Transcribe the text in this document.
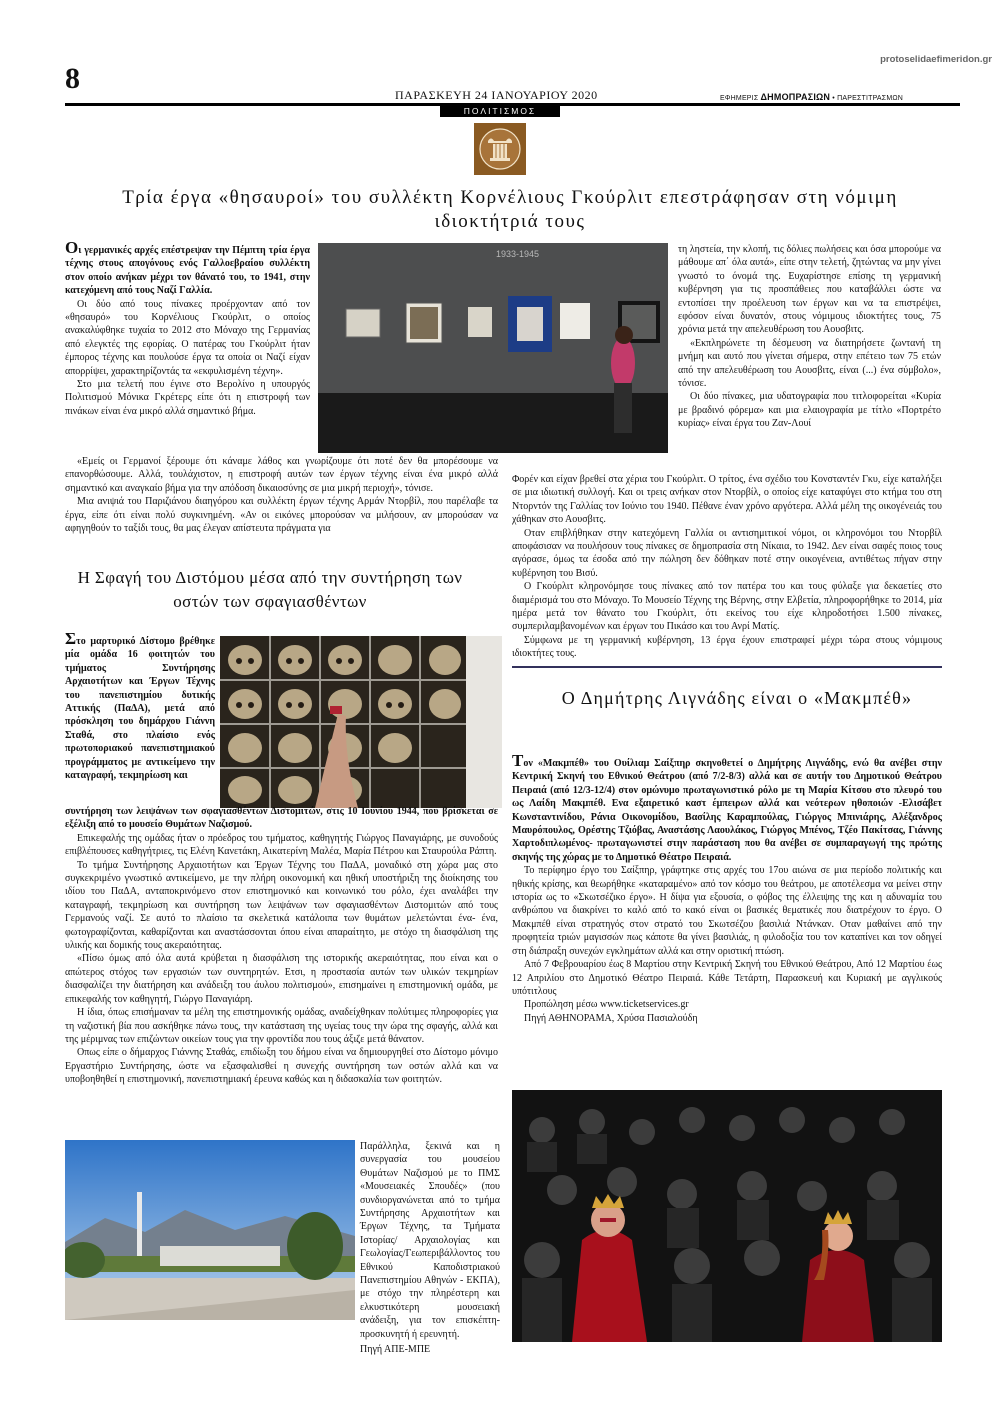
protoselidaefimeridon.gr
8	ΠΑΡΑΣΚΕΥΗ 24 ΙΑΝΟΥΑΡΙΟΥ 2020	ΕΦΗΜΕΡΙΣ ΔΗΜΟΠΡΑΣΙΩΝ • ΠΑΡΕΣΤΙΤΡΑΣΜΩΝ
ΠΟΛΙΤΙΣΜΟΣ
Τρία έργα «θησαυροί» του συλλέκτη Κορνέλιους Γκούρλιτ επεστράφησαν στη νόμιμη ιδιοκτήτριά τους

Οι γερμανικές αρχές επέστρεψαν την Πέμπτη τρία έργα τέχνης στους απογόνους ενός Γαλλοεβραίου συλλέκτη στον οποίο ανήκαν μέχρι τον θάνατό του, το 1941, στην κατεχόμενη από τους Ναζί Γαλλία.

Οι δύο από τους πίνακες προέρχονταν από τον «θησαυρό» του Κορνέλιους Γκούρλιτ, ο οποίος ανακαλύφθηκε τυχαία το 2012 στο Μόναχο της Γερμανίας από ελεγκτές της εφορίας. Ο πατέρας του Γκούρλιτ ήταν έμπορος τέχνης και πουλούσε έργα τα οποία οι Ναζί είχαν απορρίψει, χαρακτηρίζοντάς τα «εκφυλισμένη τέχνη».

Στο μια τελετή που έγινε στο Βερολίνο η υπουργός Πολιτισμού Μόνικα Γκρέτερς είπε ότι η επιστροφή των πινάκων είναι ένα μικρό αλλά σημαντικό βήμα.

1933-1945

«Εμείς οι Γερμανοί ξέρουμε ότι κάναμε λάθος και γνωρίζουμε ότι ποτέ δεν θα μπορέσουμε να επανορθώσουμε. Αλλά, τουλάχιστον, η επιστροφή αυτών των έργων τέχνης είναι ένα μικρό αλλά σημαντικό και αναγκαίο βήμα για την απόδοση δικαιοσύνης σε μια μικρή περιοχή», τόνισε.

Μια ανιψιά του Παριζιάνου διαηγόρου και συλλέκτη έργων τέχνης Αρμάν Ντορβίλ, που παρέλαβε τα έργα, είπε ότι είναι πολύ συγκινημένη. «Αν οι εικόνες μπορούσαν να μιλήσουν, αν μπορούσαν να αφηγηθούν το ταξίδι τους, θα μας έλεγαν απίστευτα πράγματα για

τη ληστεία, την κλοπή, τις δόλιες πωλήσεις και όσα μπορούμε να μάθουμε απ΄ όλα αυτά», είπε στην τελετή, ζητώντας να μην γίνει γνωστό το όνομά της. Ευχαρίστησε επίσης τη γερμανική κυβέρνηση για τις προσπάθειες που καταβάλλει ώστε να εντοπίσει την προέλευση των έργων και να τα επιστρέψει, εφόσον είναι δυνατόν, στους νόμιμους ιδιοκτήτες τους, 75 χρόνια μετά την απελευθέρωση του Αουσβιτς.

«Εκπληρώνετε τη δέσμευση να διατηρήσετε ζωντανή τη μνήμη και αυτό που γίνεται σήμερα, στην επέτειο των 75 ετών από την απελευθέρωση του Αουσβιτς, είναι (...) ένα σύμβολο», τόνισε.

Οι δύο πίνακες, μια υδατογραφία που τιτλοφορείται «Κυρία με βραδινό φόρεμα» και μια ελαιογραφία με τίτλο «Πορτρέτο κυρίας» είναι έργα του Ζαν-Λουί

Φορέν και είχαν βρεθεί στα χέρια του Γκούρλιτ. Ο τρίτος, ένα σχέδιο του Κονσταντέν Γκυ, είχε καταλήξει σε μια ιδιωτική συλλογή. Και οι τρεις ανήκαν στον Ντορβίλ, ο οποίος είχε καταφύγει στο κτήμα του στη Ντορντόν της Γαλλίας τον Ιούνιο του 1940. Πέθανε έναν χρόνο αργότερα. Αλλά μέλη της οικογένειάς του χάθηκαν στο Αουσβιτς.

Οταν επιβλήθηκαν στην κατεχόμενη Γαλλία οι αντισημιτικοί νόμοι, οι κληρονόμοι του Ντορβίλ αποφάσισαν να πουλήσουν τους πίνακες σε δημοπρασία στη Νίκαια, το 1942. Δεν είναι σαφές ποιος τους αγόρασε, όμως τα έσοδα από την πώληση δεν δόθηκαν ποτέ στην οικογένεια, αντιθέτως πήγαν στην κυβέρνηση του Βισύ.

Ο Γκούρλιτ κληρονόμησε τους πίνακες από τον πατέρα του και τους φύλαξε για δεκαετίες στο διαμέρισμά του στο Μόναχο. Το Μουσείο Τέχνης της Βέρνης, στην Ελβετία, πληροφορήθηκε το 2014, μία ημέρα μετά τον θάνατο του Γκούρλιτ, ότι εκείνος του είχε κληροδοτήσει 1.500 πίνακες, συμπεριλαμβανομένων και έργων του Πικάσο και του Ανρί Ματίς.

Σύμφωνα με τη γερμανική κυβέρνηση, 13 έργα έχουν επιστραφεί μέχρι τώρα στους νόμιμους ιδιοκτήτες τους.

Η Σφαγή του Διστόμου μέσα από την συντήρηση των οστών των σφαγιασθέντων

Στο μαρτυρικό Δίστομο βρέθηκε μία ομάδα 16 φοιτητών του τμήματος Συντήρησης Αρχαιοτήτων και Έργων Τέχνης του πανεπιστημίου δυτικής Αττικής (ΠαΔΑ), μετά από πρόσκληση του δημάρχου Γιάννη Σταθά, στο πλαίσιο ενός πρωτοποριακού πανεπιστημιακού προγράμματος με αντικείμενο την καταγραφή, τεκμηρίωση και

συντήρηση των λειψάνων των σφαγιασθέντων Διστομιτών, στις 10 Ιουνίου 1944, που βρίσκεται σε εξέλιξη από το μουσείο Θυμάτων Ναζισμού.

Επικεφαλής της ομάδας ήταν ο πρόεδρος του τμήματος, καθηγητής Γιώργος Παναγιάρης, με συνοδούς επιβλέπουσες καθηγήτριες, τις Ελένη Κανετάκη, Αικατερίνη Μαλέα, Μαρία Πέτρου και Σταυρούλα Ράπτη.

Το τμήμα Συντήρησης Αρχαιοτήτων και Έργων Τέχνης του ΠαΔΑ, μοναδικό στη χώρα μας στο συγκεκριμένο γνωστικό αντικείμενο, με την πλήρη οικονομική και ηθική υποστήριξη της διοίκησης του ιδίου του ΠαΔΑ, ανταποκρινόμενο στον επιστημονικό και κοινωνικό του ρόλο, έχει αναλάβει την καταγραφή, τεκμηρίωση και συντήρηση των λειψάνων των σφαγιασθέντων Διστομιτών από τους Γερμανούς ναζί. Σε αυτό το πλαίσιο τα σκελετικά κατάλοιπα των θυμάτων μελετώνται ένα- ένα, φωτογραφίζονται, καθαρίζονται και αναστάσσονται όπου είναι απαραίτητο, με στόχο τη διασφάλιση της υλικής και δομικής τους ακεραιότητας.

«Πίσω όμως από όλα αυτά κρύβεται η διασφάλιση της ιστορικής ακεραιότητας, που είναι και ο απώτερος στόχος των εργασιών των συντηρητών. Ετσι, η προστασία αυτών των υλικών τεκμηρίων διασφαλίζει την διατήρηση και ανάδειξη του άυλου πολιτισμού», επισημαίνει η επιστημονική ομάδα, με επικεφαλής τον καθηγητή, Γιώργο Παναγιάρη.

Η ίδια, όπως επισήμαναν τα μέλη της επιστημονικής ομάδας, αναδείχθηκαν πολύτιμες πληροφορίες για τη ναζιστική βία που ασκήθηκε πάνω τους, την κατάσταση της υγείας τους την ώρα της σφαγής, αλλά και της μέριμνας των επιζώντων οικείων τους για την φροντίδα που τους άξιζε μετά θάνατον.

Οπως είπε ο δήμαρχος Γιάννης Σταθάς, επιδίωξη του δήμου είναι να δημιουργηθεί στο Δίστομο μόνιμο Εργαστήριο Συντήρησης, ώστε να εξασφαλισθεί η συνεχής συντήρηση των οστών αλλά και να υποβοηθηθεί η επιστημονική, πανεπιστημιακή έρευνα καθώς και η διδασκαλία των φοιτητών.

Παράλληλα, ξεκινά και η συνεργασία του μουσείου Θυμάτων Ναζισμού με το ΠΜΣ «Μουσειακές Σπουδές» (που συνδιοργανώνεται από το τμήμα Συντήρησης Αρχαιοτήτων και Έργων Τέχνης, τα Τμήματα Ιστορίας/ Αρχαιολογίας και Γεωλογίας/Γεωπεριβάλλοντος του Εθνικού Καποδιστριακού Πανεπιστημίου Αθηνών - ΕΚΠΑ), με στόχο την πληρέστερη και ελκυστικότερη μουσειακή ανάδειξη, για τον επισκέπτη-προσκυνητή ή ερευνητή.

Πηγή ΑΠΕ-ΜΠΕ

Ο Δημήτρης Λιγνάδης είναι ο «Μακμπέθ»

Τον «Μακμπέθ» του Ουίλιαμ Σαίξπηρ σκηνοθετεί ο Δημήτρης Λιγνάδης, ενώ θα ανέβει στην Κεντρική Σκηνή του Εθνικού Θεάτρου (από 7/2-8/3) αλλά και σε αυτήν του Δημοτικού Θεάτρου Πειραιά (από 12/3-12/4) στον ομώνυμο πρωταγωνιστικό ρόλο με τη Μαρία Κίτσου στο πλευρό του ως Λαίδη Μακμπέθ. Ενα εξαιρετικό καστ έμπειρων αλλά και νεότερων ηθοποιών -Ελισάβετ Κωνσταντινίδου, Ράνια Οικονομίδου, Βασίλης Καραμπούλας, Γιώργος Μπινιάρης, Αλέξανδρος Μαυρόπουλος, Ορέστης Τζιόβας, Αναστάσης Λαουλάκος, Γιώργος Μπένος, Τζέο Πακίτσας, Γιάννης Χαρτοδιπλωμένος- πρωταγωνιστεί στην παράσταση που θα ανέβει σε συμπαραγωγή της πρώτης σκηνής της χώρας με το Δημοτικό Θέατρο Πειραιά.

Το περίφημο έργο του Σαίξπηρ, γράφτηκε στις αρχές του 17ου αιώνα σε μια περίοδο πολιτικής και ηθικής κρίσης, και θεωρήθηκε «καταραμένο» από τον κόσμο του θεάτρου, με αποτέλεσμα να μείνει στην ιστορία ως το «Σκωτσέζικο έργο». Η δίψα για εξουσία, ο φόβος της έλλειψης της και η αδυναμία του ανθρώπου να διακρίνει το καλό από το κακό είναι οι βασικές θεματικές που διατρέχουν το έργο. Ο Μακμπέθ είναι στρατηγός στον στρατό του Σκωτσέζου βασιλιά Ντάνκαν. Οταν μαθαίνει από την προφητεία τριών μαγισσών πως κάποτε θα γίνει βασιλιάς, η φιλοδοξία του τον καταπίνει και τον οδηγεί στη διάπραξη συνεχών εγκλημάτων αλλά και στην οριστική πτώση.

Από 7 Φεβρουαρίου έως 8 Μαρτίου στην Κεντρική Σκηνή του Εθνικού Θεάτρου, Από 12 Μαρτίου έως 12 Απριλίου στο Δημοτικό Θέατρο Πειραιά. Κάθε Τετάρτη, Παρασκευή και Κυριακή με αγγλικούς υπότιτλους

Προπώληση μέσω www.ticketservices.gr

Πηγή ΑΘΗΝΟΡΑΜΑ, Χρύσα Πασιαλούδη
